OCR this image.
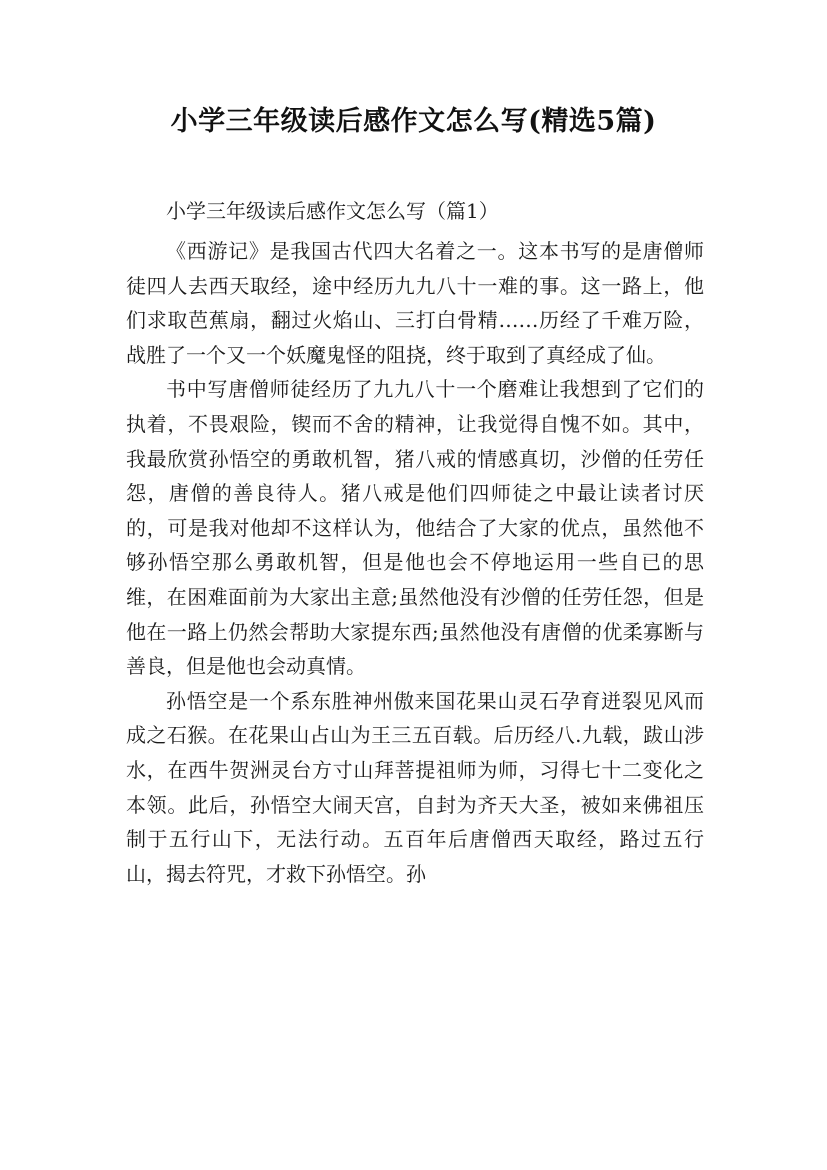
小学三年级读后感作文怎么写(精选5篇)
小学三年级读后感作文怎么写（篇1）

《西游记》是我国古代四大名着之一。这本书写的是唐僧师徒四人去西天取经，途中经历九九八十一难的事。这一路上，他们求取芭蕉扇，翻过火焰山、三打白骨精……历经了千难万险，战胜了一个又一个妖魔鬼怪的阻挠，终于取到了真经成了仙。

书中写唐僧师徒经历了九九八十一个磨难让我想到了它们的执着，不畏艰险，锲而不舍的精神，让我觉得自愧不如。其中，我最欣赏孙悟空的勇敢机智，猪八戒的情感真切，沙僧的任劳任怨，唐僧的善良待人。猪八戒是他们四师徒之中最让读者讨厌的，可是我对他却不这样认为，他结合了大家的优点，虽然他不够孙悟空那么勇敢机智，但是他也会不停地运用一些自已的思维，在困难面前为大家出主意;虽然他没有沙僧的任劳任怨，但是他在一路上仍然会帮助大家提东西;虽然他没有唐僧的优柔寡断与善良，但是他也会动真情。

孙悟空是一个系东胜神州傲来国花果山灵石孕育迸裂见风而成之石猴。在花果山占山为王三五百载。后历经八.九载，跋山涉水，在西牛贺洲灵台方寸山拜菩提祖师为师，习得七十二变化之本领。此后，孙悟空大闹天宫，自封为齐天大圣，被如来佛祖压制于五行山下，无法行动。五百年后唐僧西天取经，路过五行山，揭去符咒，才救下孙悟空。孙
